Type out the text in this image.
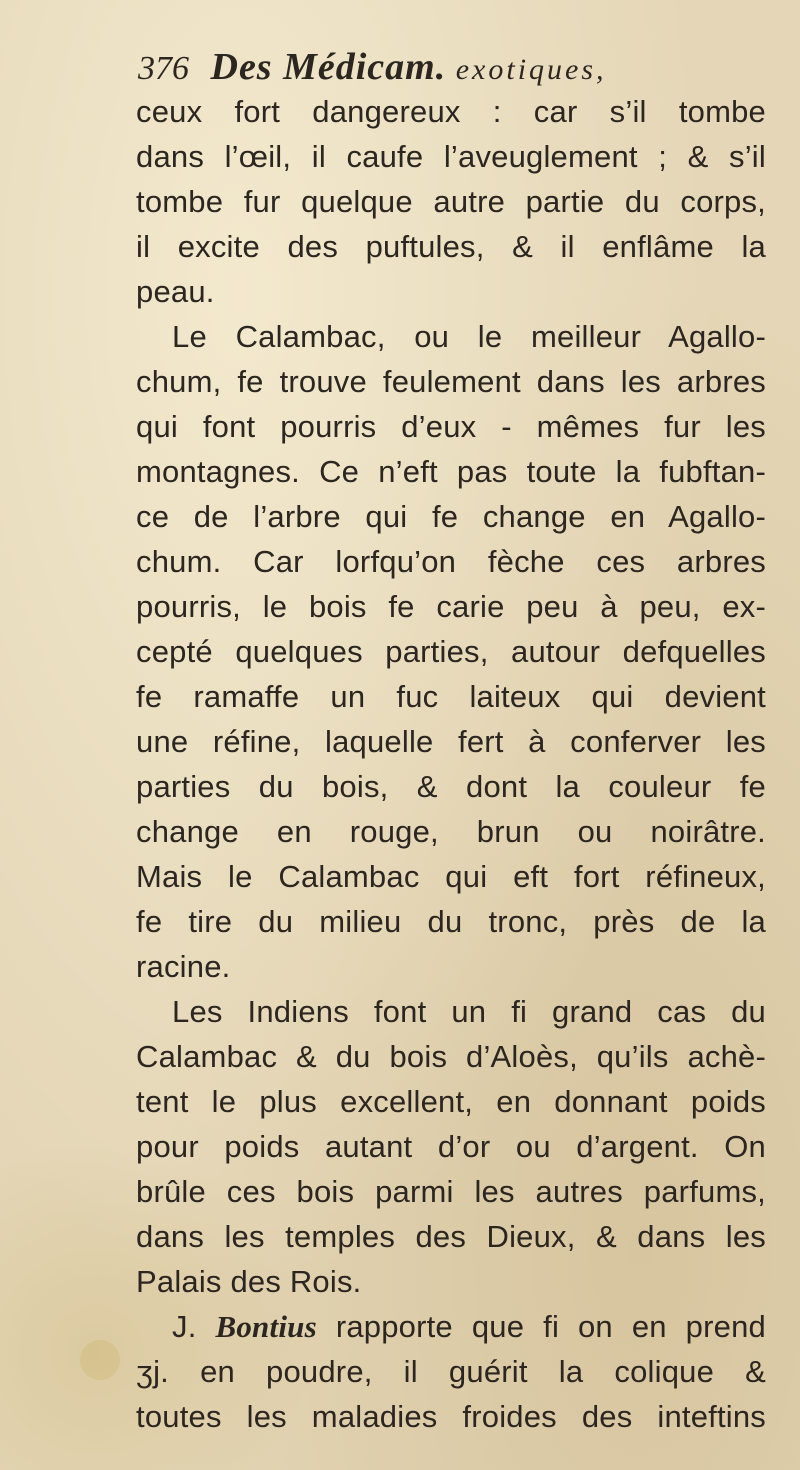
376 Des Médicam. exotiques,
ceux fort dangereux : car s’il tombe
dans l’œil, il caufe l’aveuglement ; & s’il
tombe fur quelque autre partie du corps,
il excite des puftules, & il enflâme la
peau.
Le Calambac, ou le meilleur Agallo-
chum, fe trouve feulement dans les arbres
qui font pourris d’eux - mêmes fur les
montagnes. Ce n’eft pas toute la fubftan-
ce de l’arbre qui fe change en Agallo-
chum. Car lorfqu’on fèche ces arbres
pourris, le bois fe carie peu à peu, ex-
cepté quelques parties, autour defquelles
fe ramaffe un fuc laiteux qui devient
une réfine, laquelle fert à conferver les
parties du bois, & dont la couleur fe
change en rouge, brun ou noirâtre.
Mais le Calambac qui eft fort réfineux,
fe tire du milieu du tronc, près de la
racine.
Les Indiens font un fi grand cas du
Calambac & du bois d’Aloès, qu’ils achè-
tent le plus excellent, en donnant poids
pour poids autant d’or ou d’argent. On
brûle ces bois parmi les autres parfums,
dans les temples des Dieux, & dans les
Palais des Rois.
J. Bontius rapporte que fi on en prend
ʒj. en poudre, il guérit la colique &
toutes les maladies froides des inteftins
